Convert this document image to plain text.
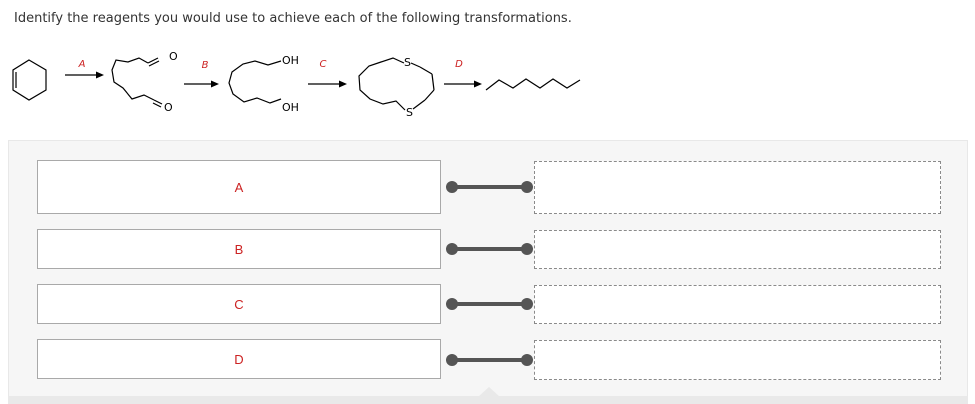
Identify the reagents you would use to achieve each of the following transformations.
A
O
O
B	OH
OH
C	S
S
D
A
B
C
D
